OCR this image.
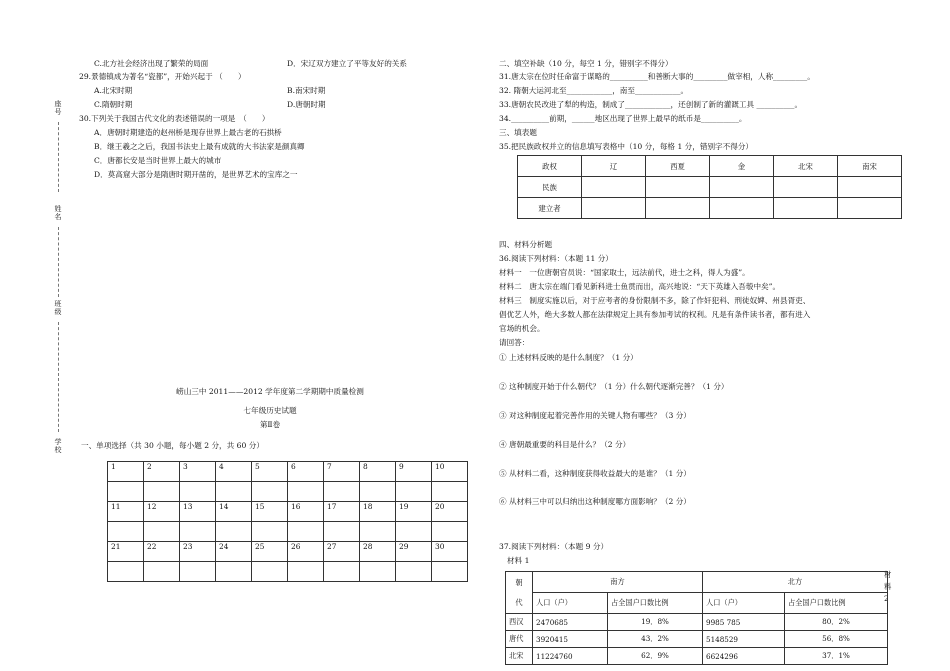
座号
姓名
班级
学校
C.北方社会经济出现了繁荣的局面	D．宋辽双方建立了平等友好的关系
29.景德镇成为著名“瓷都”，开始兴起于 （　　）
A.北宋时期	B.南宋时期
C.隋朝时期	D.唐朝时期
30.下列关于我国古代文化的表述错误的一项是　（　　）
A．唐朝时期建造的赵州桥是现存世界上最古老的石拱桥
B．继王羲之之后，我国书法史上最有成就的大书法家是颜真卿
C．唐都长安是当时世界上最大的城市
D．莫高窟大部分是隋唐时期开凿的，是世界艺术的宝库之一
崂山三中 2011——2012 学年度第二学期期中质量检测
七年级历史试题
第Ⅱ卷
一、单项选择（共 30 小题，每小题 2 分，共 60 分）
1	2	3	4	5	6	7	8	9	10

11	12	13	14	15	16	17	18	19	20

21	22	23	24	25	26	27	28	29	30

二、填空补缺（10 分，每空 1 分，错别字不得分）
31.唐太宗在位时任命富于谋略的__________和善断大事的_________做宰相，人称_________。
32. 隋朝大运河北至____________，南至____________。
33.唐朝农民改进了犁的构造，制成了____________，还创制了新的灌溉工具 __________。
34.__________前期，______地区出现了世界上最早的纸币是__________。
三、填表题
35.把民族政权并立的信息填写表格中（10 分，每格 1 分，错别字不得分）
政权	辽	西夏	金	北宋	南宋
民族					
建立者					
四、材料分析题
36.阅读下列材料：（本题 11 分）
材料一　一位唐朝官员说：“国家取士，远法前代，进士之科，得人为盛”。
材料二　唐太宗在端门看见新科进士鱼贯而出，高兴地说：“天下英雄入吾彀中矣”。
材料三　制度实施以后，对于应考者的身份限制不多，除了作奸犯科、刑徒奴婢、州县胥吏、
倡优艺人外，绝大多数人都在法律规定上具有参加考试的权利。凡是有条件读书者，都有进入
官场的机会。
请回答：
① 上述材料反映的是什么制度？（1 分）
② 这种制度开始于什么朝代？（1 分）什么朝代逐渐完善？（1 分）
③ 对这种制度起着完善作用的关键人物有哪些？（3 分）
④ 唐朝最重要的科目是什么？（2 分）
⑤ 从材料二看，这种制度获得收益最大的是谁？（1 分）
⑥ 从材料三中可以归纳出这种制度哪方面影响？（2 分）
37.阅读下列材料：（本题 9 分）
材料 1
材料2
朝
代	南方		北方	
	人口（户）	占全国户口数比例	人口（户）	占全国户口数比例
西汉	2470685	19．8%	9985 785	80．2%
唐代	3920415	43．2%	5148529	56．8%
北宋	11224760	62．9%	6624296	37．1%
